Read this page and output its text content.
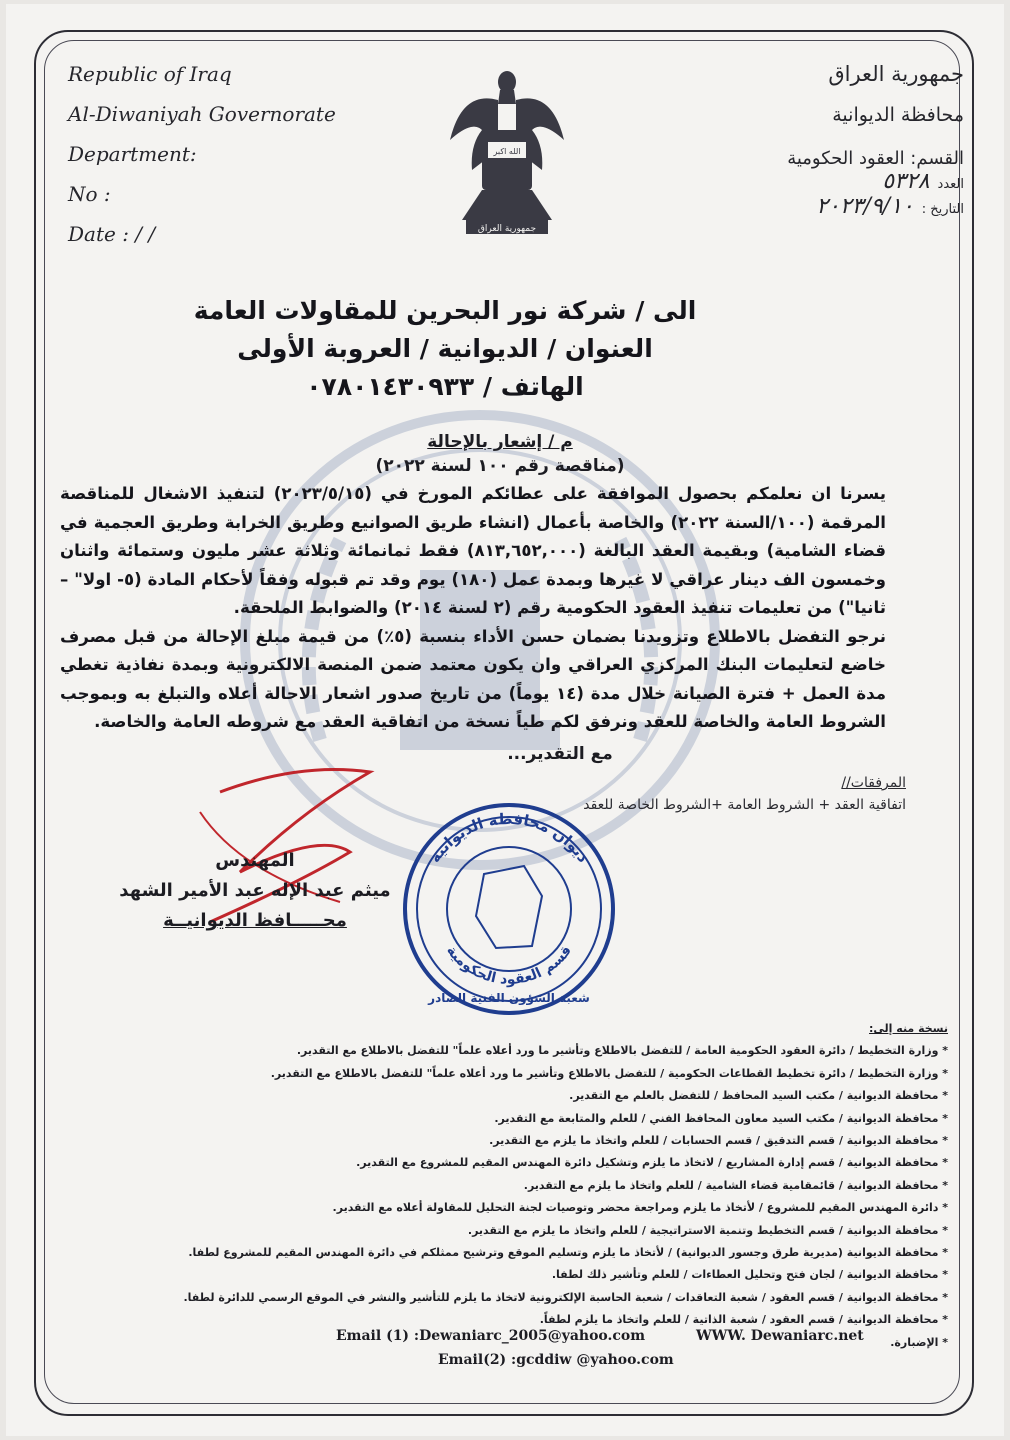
Republic of Iraq
Al-Diwaniyah Governorate
Department:
No :
Date : / /
الله اكبر
جمهورية العراق
جمهورية العراق
محافظة الديوانية
القسم: العقود الحكومية
العدد٥٣٢٨
التاريخ :٢٠٢٣/٩/١٠
الى / شركة نور البحرين للمقاولات العامة
العنوان / الديوانية / العروبة الأولى
الهاتف / ٠٧٨٠١٤٣٠٩٣٣
م / إشعار بالإحالة
(مناقصة رقم ١٠٠ لسنة ٢٠٢٢)

يسرنا ان نعلمكم بحصول الموافقة على عطائكم المورخ في (٢٠٢٣/٥/١٥) لتنفيذ الاشغال للمناقصة المرقمة (١٠٠/السنة ٢٠٢٢) والخاصة بأعمال (انشاء طريق الصوانيع وطريق الخرابة وطريق العجمية في قضاء الشامية) وبقيمة العقد البالغة (٨١٣,٦٥٢,٠٠٠) فقط ثمانمائة وثلاثة عشر مليون وستمائة واثنان وخمسون الف دينار عراقي لا غيرها وبمدة عمل (١٨٠) يوم وقد تم قبوله وفقاً لأحكام المادة (٥- اولا" – ثانيا") من تعليمات تنفيذ العقود الحكومية رقم (٢ لسنة ٢٠١٤) والضوابط الملحقة.

نرجو التفضل بالاطلاع وتزويدنا بضمان حسن الأداء بنسبة (٥٪) من قيمة مبلغ الإحالة من قبل مصرف خاضع لتعليمات البنك المركزي العراقي وان يكون معتمد ضمن المنصة الالكترونية وبمدة نفاذية تغطي مدة العمل + فترة الصيانة خلال مدة (١٤ يوماً) من تاريخ صدور اشعار الاحالة أعلاه والتبلغ به وبموجب الشروط العامة والخاصة للعقد ونرفق لكم طياً نسخة من اتفاقية العقد مع شروطه العامة والخاصة.

مع التقدير...
المرفقات//
اتفاقية العقد + الشروط العامة +الشروط الخاصة للعقد
المهندس
ميثم عبد الإله عبد الأمير الشهد
محـــــافظ الديوانيــة
ديوان محافظة الديوانية
قسم العقود الحكومية
شعبة الشؤون الفنية الصادر
نسخة منه إلى:
* وزارة التخطيط / دائرة العقود الحكومية العامة / للتفضل بالاطلاع وتأشير ما ورد أعلاه علماً" للتفضل بالاطلاع مع التقدير.
* وزارة التخطيط / دائرة تخطيط القطاعات الحكومية / للتفضل بالاطلاع وتأشير ما ورد أعلاه علماً" للتفضل بالاطلاع مع التقدير.
* محافظة الديوانية / مكتب السيد المحافظ / للتفضل بالعلم مع التقدير.
* محافظة الديوانية / مكتب السيد معاون المحافظ الفني / للعلم والمتابعة مع التقدير.
* محافظة الديوانية / قسم التدقيق / قسم الحسابات / للعلم واتخاذ ما يلزم مع التقدير.
* محافظة الديوانية / قسم إدارة المشاريع / لاتخاذ ما يلزم وتشكيل دائرة المهندس المقيم للمشروع مع التقدير.
* محافظة الديوانية / قائمقامية قضاء الشامية / للعلم واتخاذ ما يلزم مع التقدير.
* دائرة المهندس المقيم للمشروع / لأتخاذ ما يلزم ومراجعة محضر وتوصيات لجنة التحليل للمقاولة أعلاه مع التقدير.
* محافظة الديوانية / قسم التخطيط وتنمية الاستراتيجية / للعلم واتخاذ ما يلزم مع التقدير.
* محافظة الديوانية (مديرية طرق وجسور الديوانية) / لأتخاذ ما يلزم وتسليم الموقع وترشيح ممثلكم في دائرة المهندس المقيم للمشروع لطفا.
* محافظة الديوانية / لجان فتح وتحليل العطاءات / للعلم وتأشير ذلك لطفا.
* محافظة الديوانية / قسم العقود / شعبة التعاقدات / شعبة الحاسبة الإلكترونية لاتخاذ ما يلزم للتأشير والنشر في الموقع الرسمي للدائرة لطفا.
* محافظة الديوانية / قسم العقود / شعبة الذاتية / للعلم واتخاذ ما يلزم لطفاً.
* الإضبارة.
Email (1) :Dewaniarc_2005@yahoo.com	WWW. Dewaniarc.net
Email(2) :gcddiw @yahoo.com
